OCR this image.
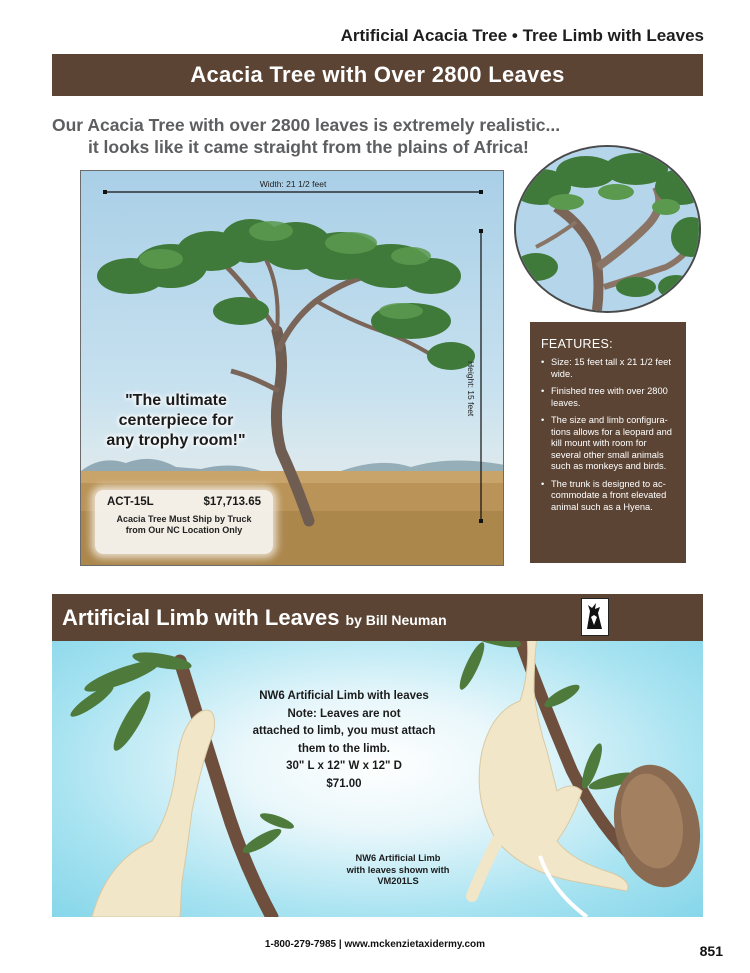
Artificial Acacia Tree • Tree Limb with Leaves
Acacia Tree with Over 2800 Leaves
Our Acacia Tree with over 2800 leaves is extremely realistic...
it looks like it came straight from the plains of Africa!
Width: 21 1/2 feet
Height: 15 feet
"The ultimate
centerpiece for
any trophy room!"
ACT-15L	$17,713.65
Acacia Tree Must Ship by Truck
from Our NC Location Only
FEATURES:
• Size: 15 feet tall x 21 1/2 feet wide.
• Finished tree with over 2800 leaves.
• The size and limb configura- tions allows for a leopard and kill mount with room for several other small animals such as monkeys and birds.
• The trunk is designed to ac- commodate a front elevated animal such as a Hyena.
Artificial Limb with Leaves by Bill Neuman
NW6 Artificial Limb with leaves
Note: Leaves are not
attached to limb, you must attach
them to the limb.
30" L x 12" W x 12" D
$71.00
NW6 Artificial Limb
with leaves shown with
VM201LS
1-800-279-7985 | www.mckenzietaxidermy.com	851
